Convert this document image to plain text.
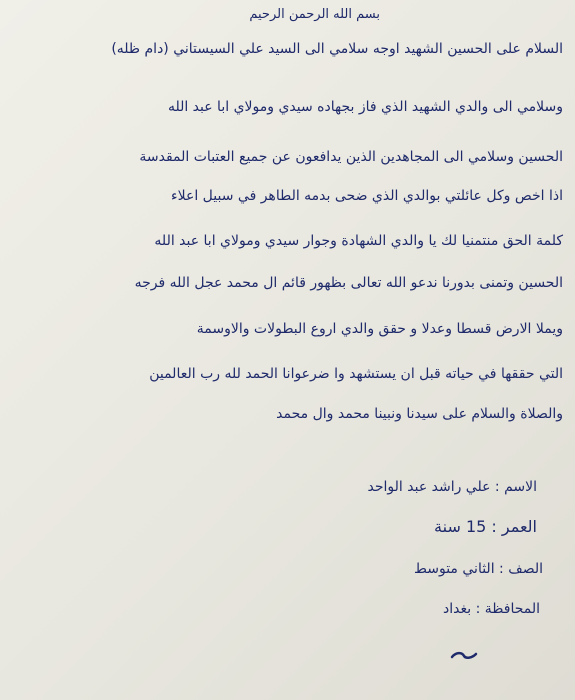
بسم الله الرحمن الرحيم
السلام على الحسين الشهيد اوجه سلامي الى السيد علي السيستاني (دام ظله)
وسلامي الى والدي الشهيد الذي فاز بجهاده سيدي ومولاي ابا عبد الله
الحسين وسلامي الى المجاهدين الذين يدافعون عن جميع العتبات المقدسة
اذا اخص وكل عائلتي بوالدي الذي ضحى بدمه الطاهر في سبيل اعلاء
كلمة الحق منتمنيا لك يا والدي الشهادة وجوار سيدي ومولاي ابا عبد الله
الحسين وتمنى بدورنا ندعو الله تعالى بظهور قائم ال محمد عجل الله فرجه
ويملا الارض قسطا وعدلا و حقق والدي اروع البطولات والاوسمة
التي حققها في حياته قبل ان يستشهد وا ضرعوانا الحمد لله رب العالمين
والصلاة والسلام على سيدنا ونبينا محمد وال محمد
الاسم : علي راشد عبد الواحد
العمر : 15 سنة
الصف : الثاني متوسط
المحافظة : بغداد
